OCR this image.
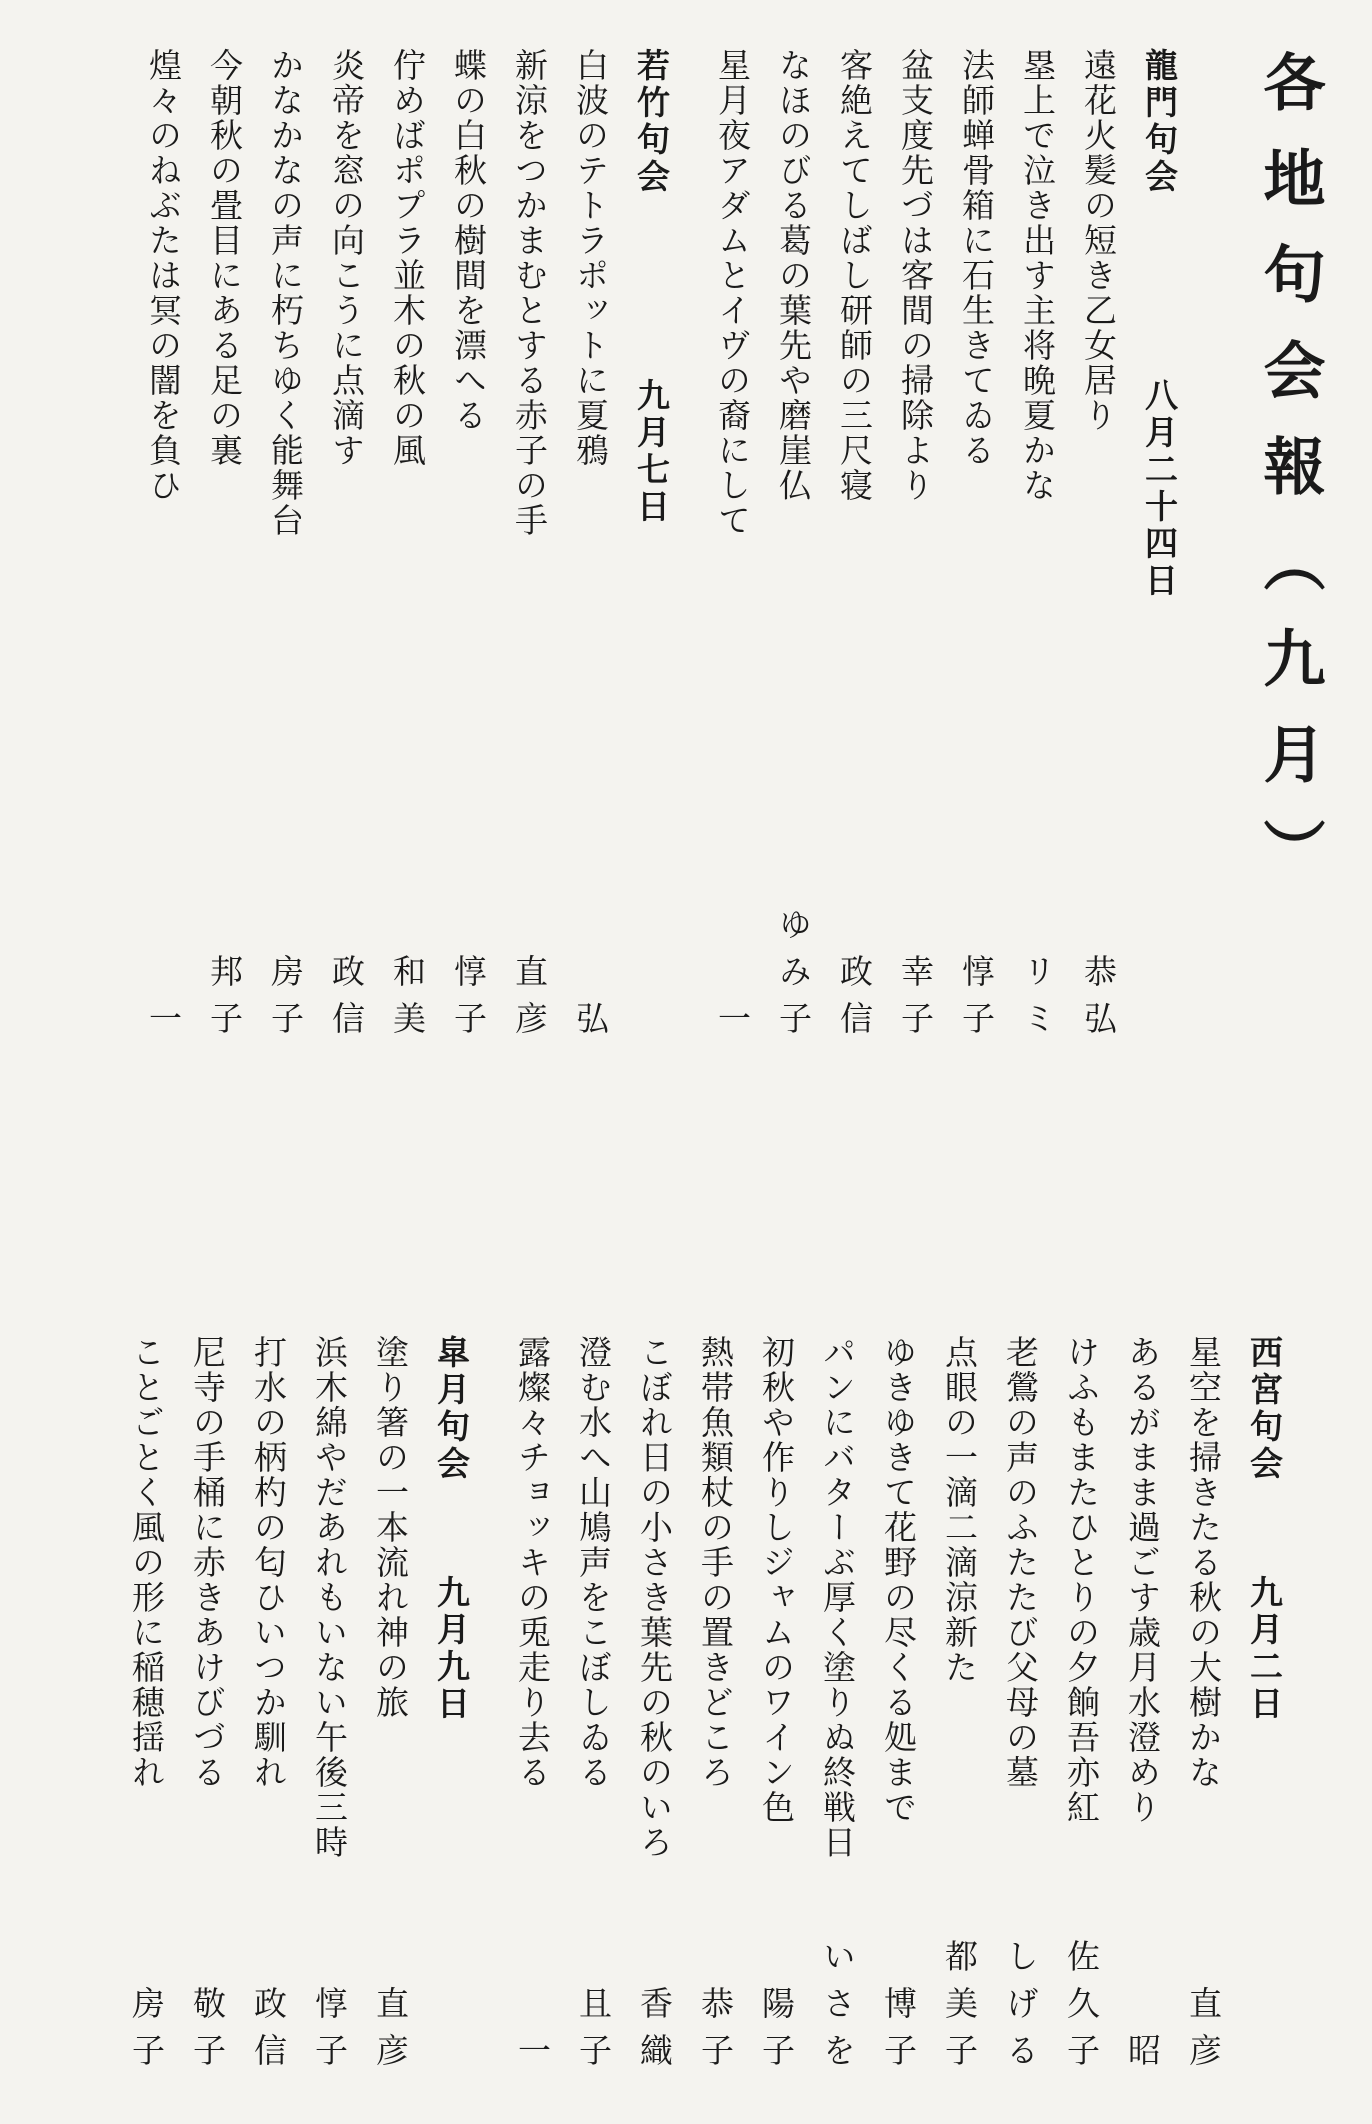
各地句会報（九月）
龍門句会
八月二十四日
遠花火髪の短き乙女居り
恭弘
塁上で泣き出す主将晩夏かな
リミ
法師蝉骨箱に石生きてゐる
惇子
盆支度先づは客間の掃除より
幸子
客絶えてしばし研師の三尺寝
政信
なほのびる葛の葉先や磨崖仏
ゆみ子
星月夜アダムとイヴの裔にして
一
若竹句会
九月七日
白波のテトラポットに夏鴉
弘
新涼をつかまむとする赤子の手
直彦
蝶の白秋の樹間を漂へる
惇子
佇めばポプラ並木の秋の風
和美
炎帝を窓の向こうに点滴す
政信
かなかなの声に朽ちゆく能舞台
房子
今朝秋の畳目にある足の裏
邦子
煌々のねぶたは冥の闇を負ひ
一
西宮句会
九月二日
星空を掃きたる秋の大樹かな
直彦
あるがまま過ごす歳月水澄めり
昭
けふもまたひとりの夕餉吾亦紅
佐久子
老鶯の声のふたたび父母の墓
しげる
点眼の一滴二滴涼新た
都美子
ゆきゆきて花野の尽くる処まで
博子
パンにバターぶ厚く塗りぬ終戦日
いさを
初秋や作りしジャムのワイン色
陽子
熱帯魚類杖の手の置きどころ
恭子
こぼれ日の小さき葉先の秋のいろ
香織
澄む水へ山鳩声をこぼしゐる
且子
露燦々チョッキの兎走り去る
一
皐月句会
九月九日
塗り箸の一本流れ神の旅
直彦
浜木綿やだあれもいない午後三時
惇子
打水の柄杓の匂ひいつか馴れ
政信
尼寺の手桶に赤きあけびづる
敬子
ことごとく風の形に稲穂揺れ
房子
